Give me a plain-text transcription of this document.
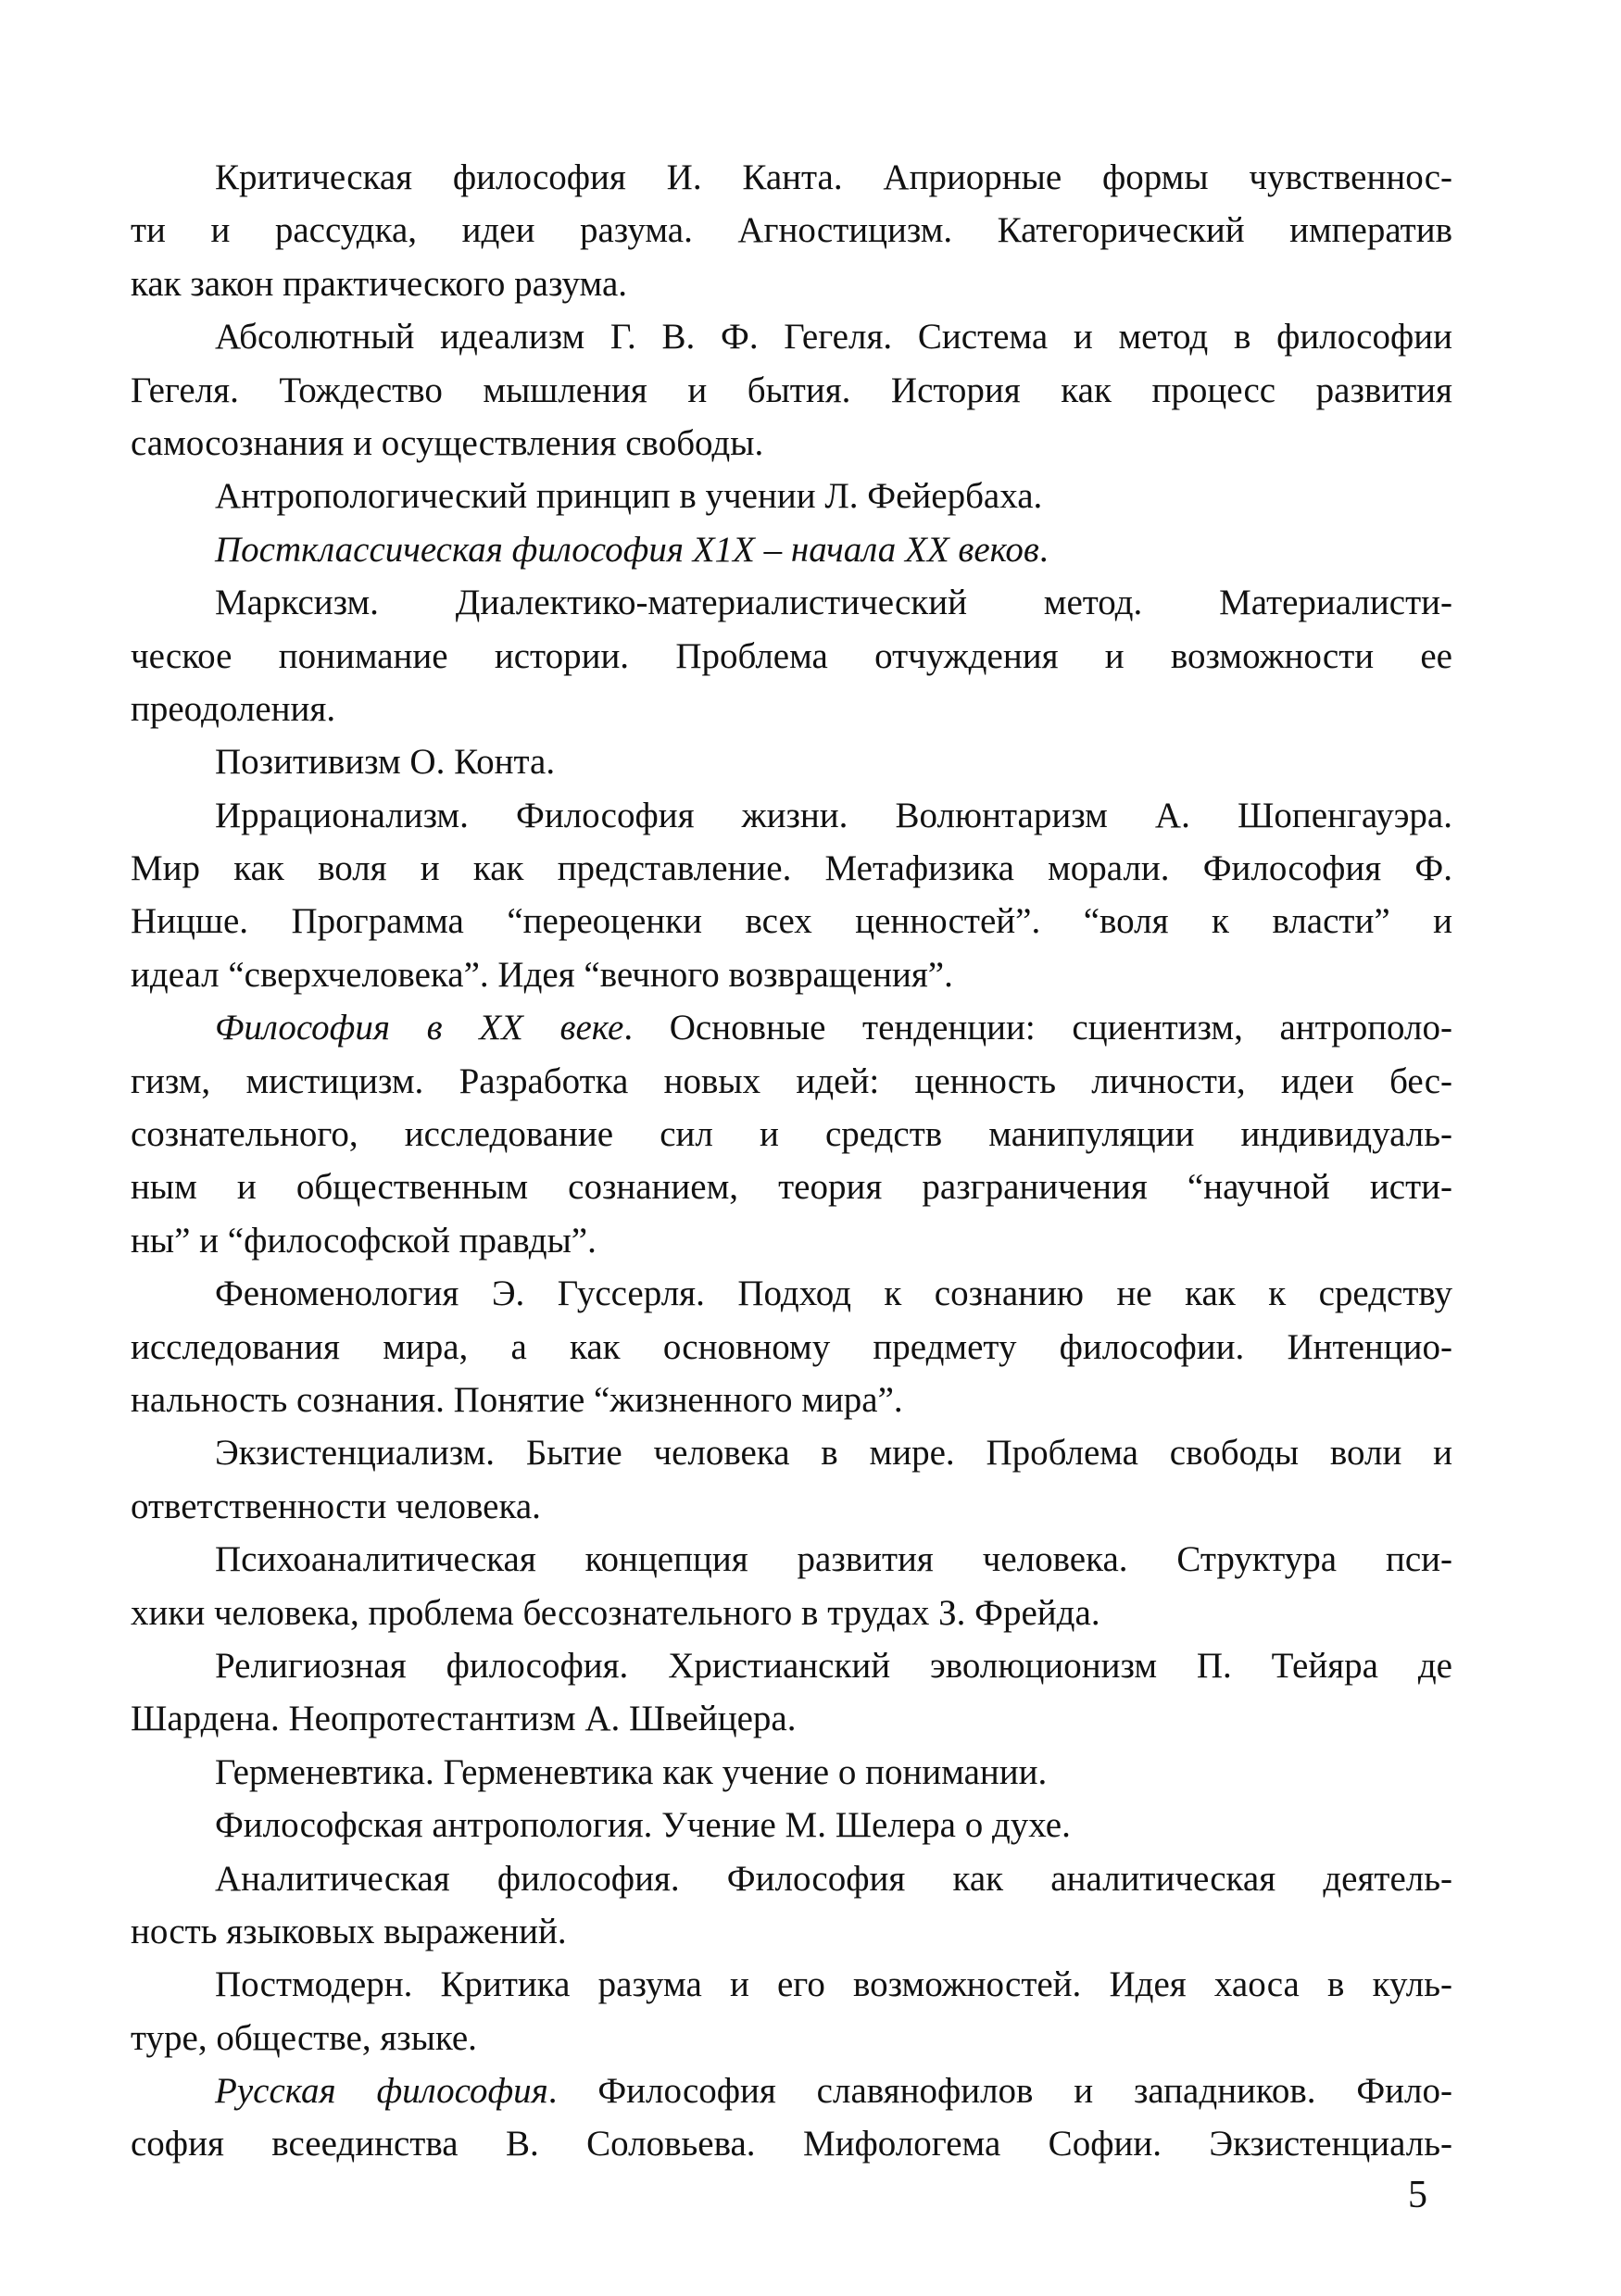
Критическая философия И. Канта. Априорные формы чувственнос-
ти и рассудка, идеи разума. Агностицизм. Категорический императив
как закон практического разума.
Абсолютный идеализм Г. В. Ф. Гегеля. Система и метод в философии
Гегеля. Тождество мышления и бытия. История как процесс развития
самосознания и осуществления свободы.
Антропологический принцип в учении Л. Фейербаха.
Постклассическая философия X1X – начала XX веков.
Марксизм. Диалектико-материалистический метод. Материалисти-
ческое понимание истории. Проблема отчуждения и возможности ее
преодоления.
Позитивизм О. Конта.
Иррационализм. Философия жизни. Волюнтаризм А. Шопенгауэра.
Мир как воля и как представление. Метафизика морали. Философия Ф.
Ницше. Программа “переоценки всех ценностей”. “воля к власти” и
идеал “сверхчеловека”. Идея “вечного возвращения”.
Философия в XX веке. Основные тенденции: сциентизм, антрополо-
гизм, мистицизм. Разработка новых идей: ценность личности, идеи бес-
сознательного, исследование сил и средств манипуляции индивидуаль-
ным и общественным сознанием, теория разграничения “научной исти-
ны” и “философской правды”.
Феноменология Э. Гуссерля. Подход к сознанию не как к средству
исследования мира, а как основному предмету философии. Интенцио-
нальность сознания. Понятие “жизненного мира”.
Экзистенциализм. Бытие человека в мире. Проблема свободы воли и
ответственности человека.
Психоаналитическая концепция развития человека. Структура пси-
хики человека, проблема бессознательного в трудах З. Фрейда.
Религиозная философия. Христианский эволюционизм П. Тейяра де
Шардена. Неопротестантизм А. Швейцера.
Герменевтика. Герменевтика как учение о понимании.
Философская антропология. Учение М. Шелера о духе.
Аналитическая философия. Философия как аналитическая деятель-
ность языковых выражений.
Постмодерн. Критика разума и его возможностей. Идея хаоса в куль-
туре, обществе, языке.
Русская философия. Философия славянофилов и западников. Фило-
софия всеединства В. Соловьева. Мифологема Софии. Экзистенциаль-
5
